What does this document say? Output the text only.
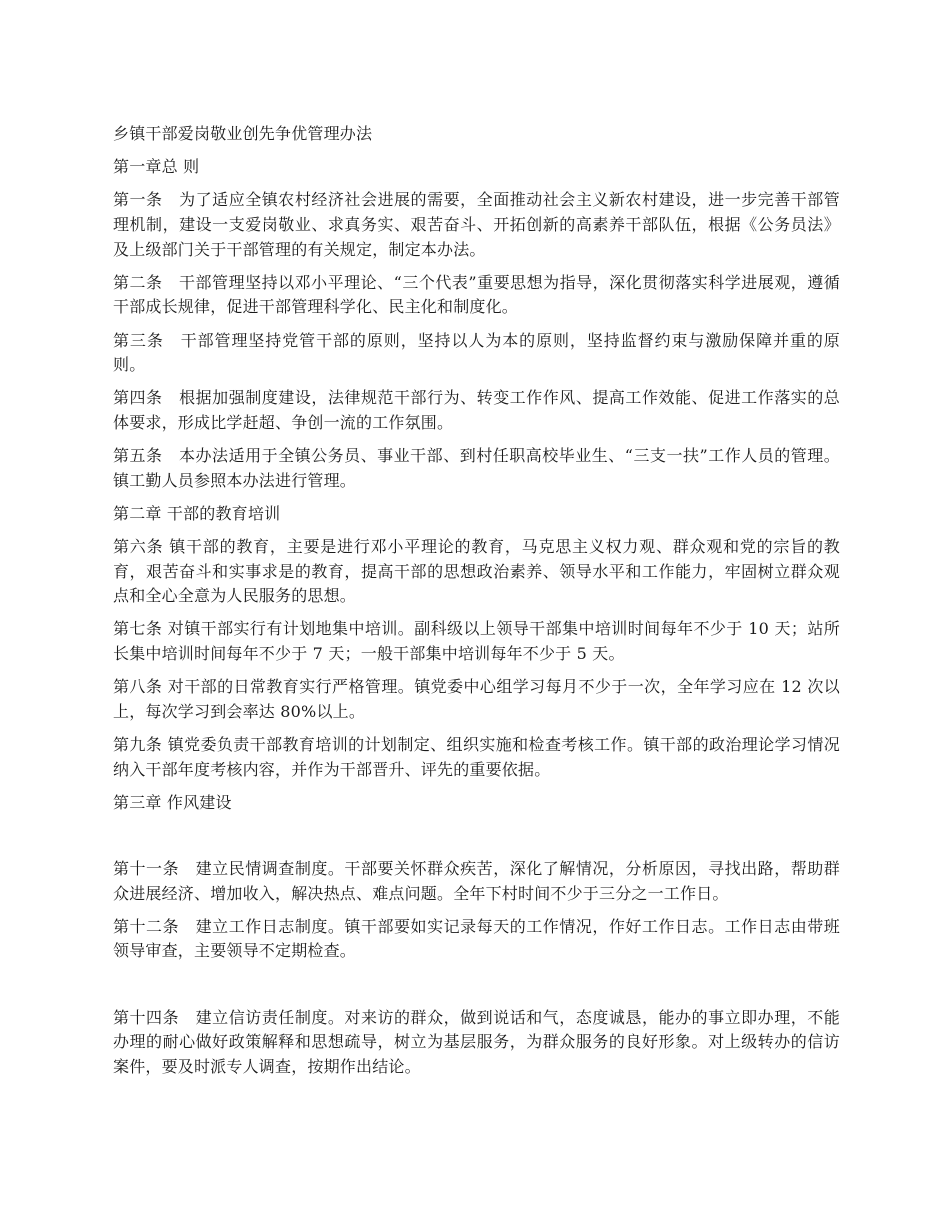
乡镇干部爱岗敬业创先争优管理办法

第一章总 则

第一条　为了适应全镇农村经济社会进展的需要，全面推动社会主义新农村建设，进一步完善干部管理机制，建设一支爱岗敬业、求真务实、艰苦奋斗、开拓创新的高素养干部队伍，根据《公务员法》及上级部门关于干部管理的有关规定，制定本办法。

第二条　干部管理坚持以邓小平理论、“三个代表”重要思想为指导，深化贯彻落实科学进展观，遵循干部成长规律，促进干部管理科学化、民主化和制度化。

第三条　干部管理坚持党管干部的原则，坚持以人为本的原则，坚持监督约束与激励保障并重的原则。

第四条　根据加强制度建设，法律规范干部行为、转变工作作风、提高工作效能、促进工作落实的总体要求，形成比学赶超、争创一流的工作氛围。

第五条　本办法适用于全镇公务员、事业干部、到村任职高校毕业生、“三支一扶”工作人员的管理。镇工勤人员参照本办法进行管理。

第二章 干部的教育培训

第六条 镇干部的教育，主要是进行邓小平理论的教育，马克思主义权力观、群众观和党的宗旨的教育，艰苦奋斗和实事求是的教育，提高干部的思想政治素养、领导水平和工作能力，牢固树立群众观点和全心全意为人民服务的思想。

第七条 对镇干部实行有计划地集中培训。副科级以上领导干部集中培训时间每年不少于 10 天；站所长集中培训时间每年不少于 7 天；一般干部集中培训每年不少于 5 天。

第八条 对干部的日常教育实行严格管理。镇党委中心组学习每月不少于一次，全年学习应在 12 次以上，每次学习到会率达 80%以上。

第九条 镇党委负责干部教育培训的计划制定、组织实施和检查考核工作。镇干部的政治理论学习情况纳入干部年度考核内容，并作为干部晋升、评先的重要依据。

第三章 作风建设

第十一条　建立民情调查制度。干部要关怀群众疾苦，深化了解情况，分析原因，寻找出路，帮助群众进展经济、增加收入，解决热点、难点问题。全年下村时间不少于三分之一工作日。

第十二条　建立工作日志制度。镇干部要如实记录每天的工作情况，作好工作日志。工作日志由带班领导审查，主要领导不定期检查。

第十四条　建立信访责任制度。对来访的群众，做到说话和气，态度诚恳，能办的事立即办理，不能办理的耐心做好政策解释和思想疏导，树立为基层服务，为群众服务的良好形象。对上级转办的信访案件，要及时派专人调查，按期作出结论。
